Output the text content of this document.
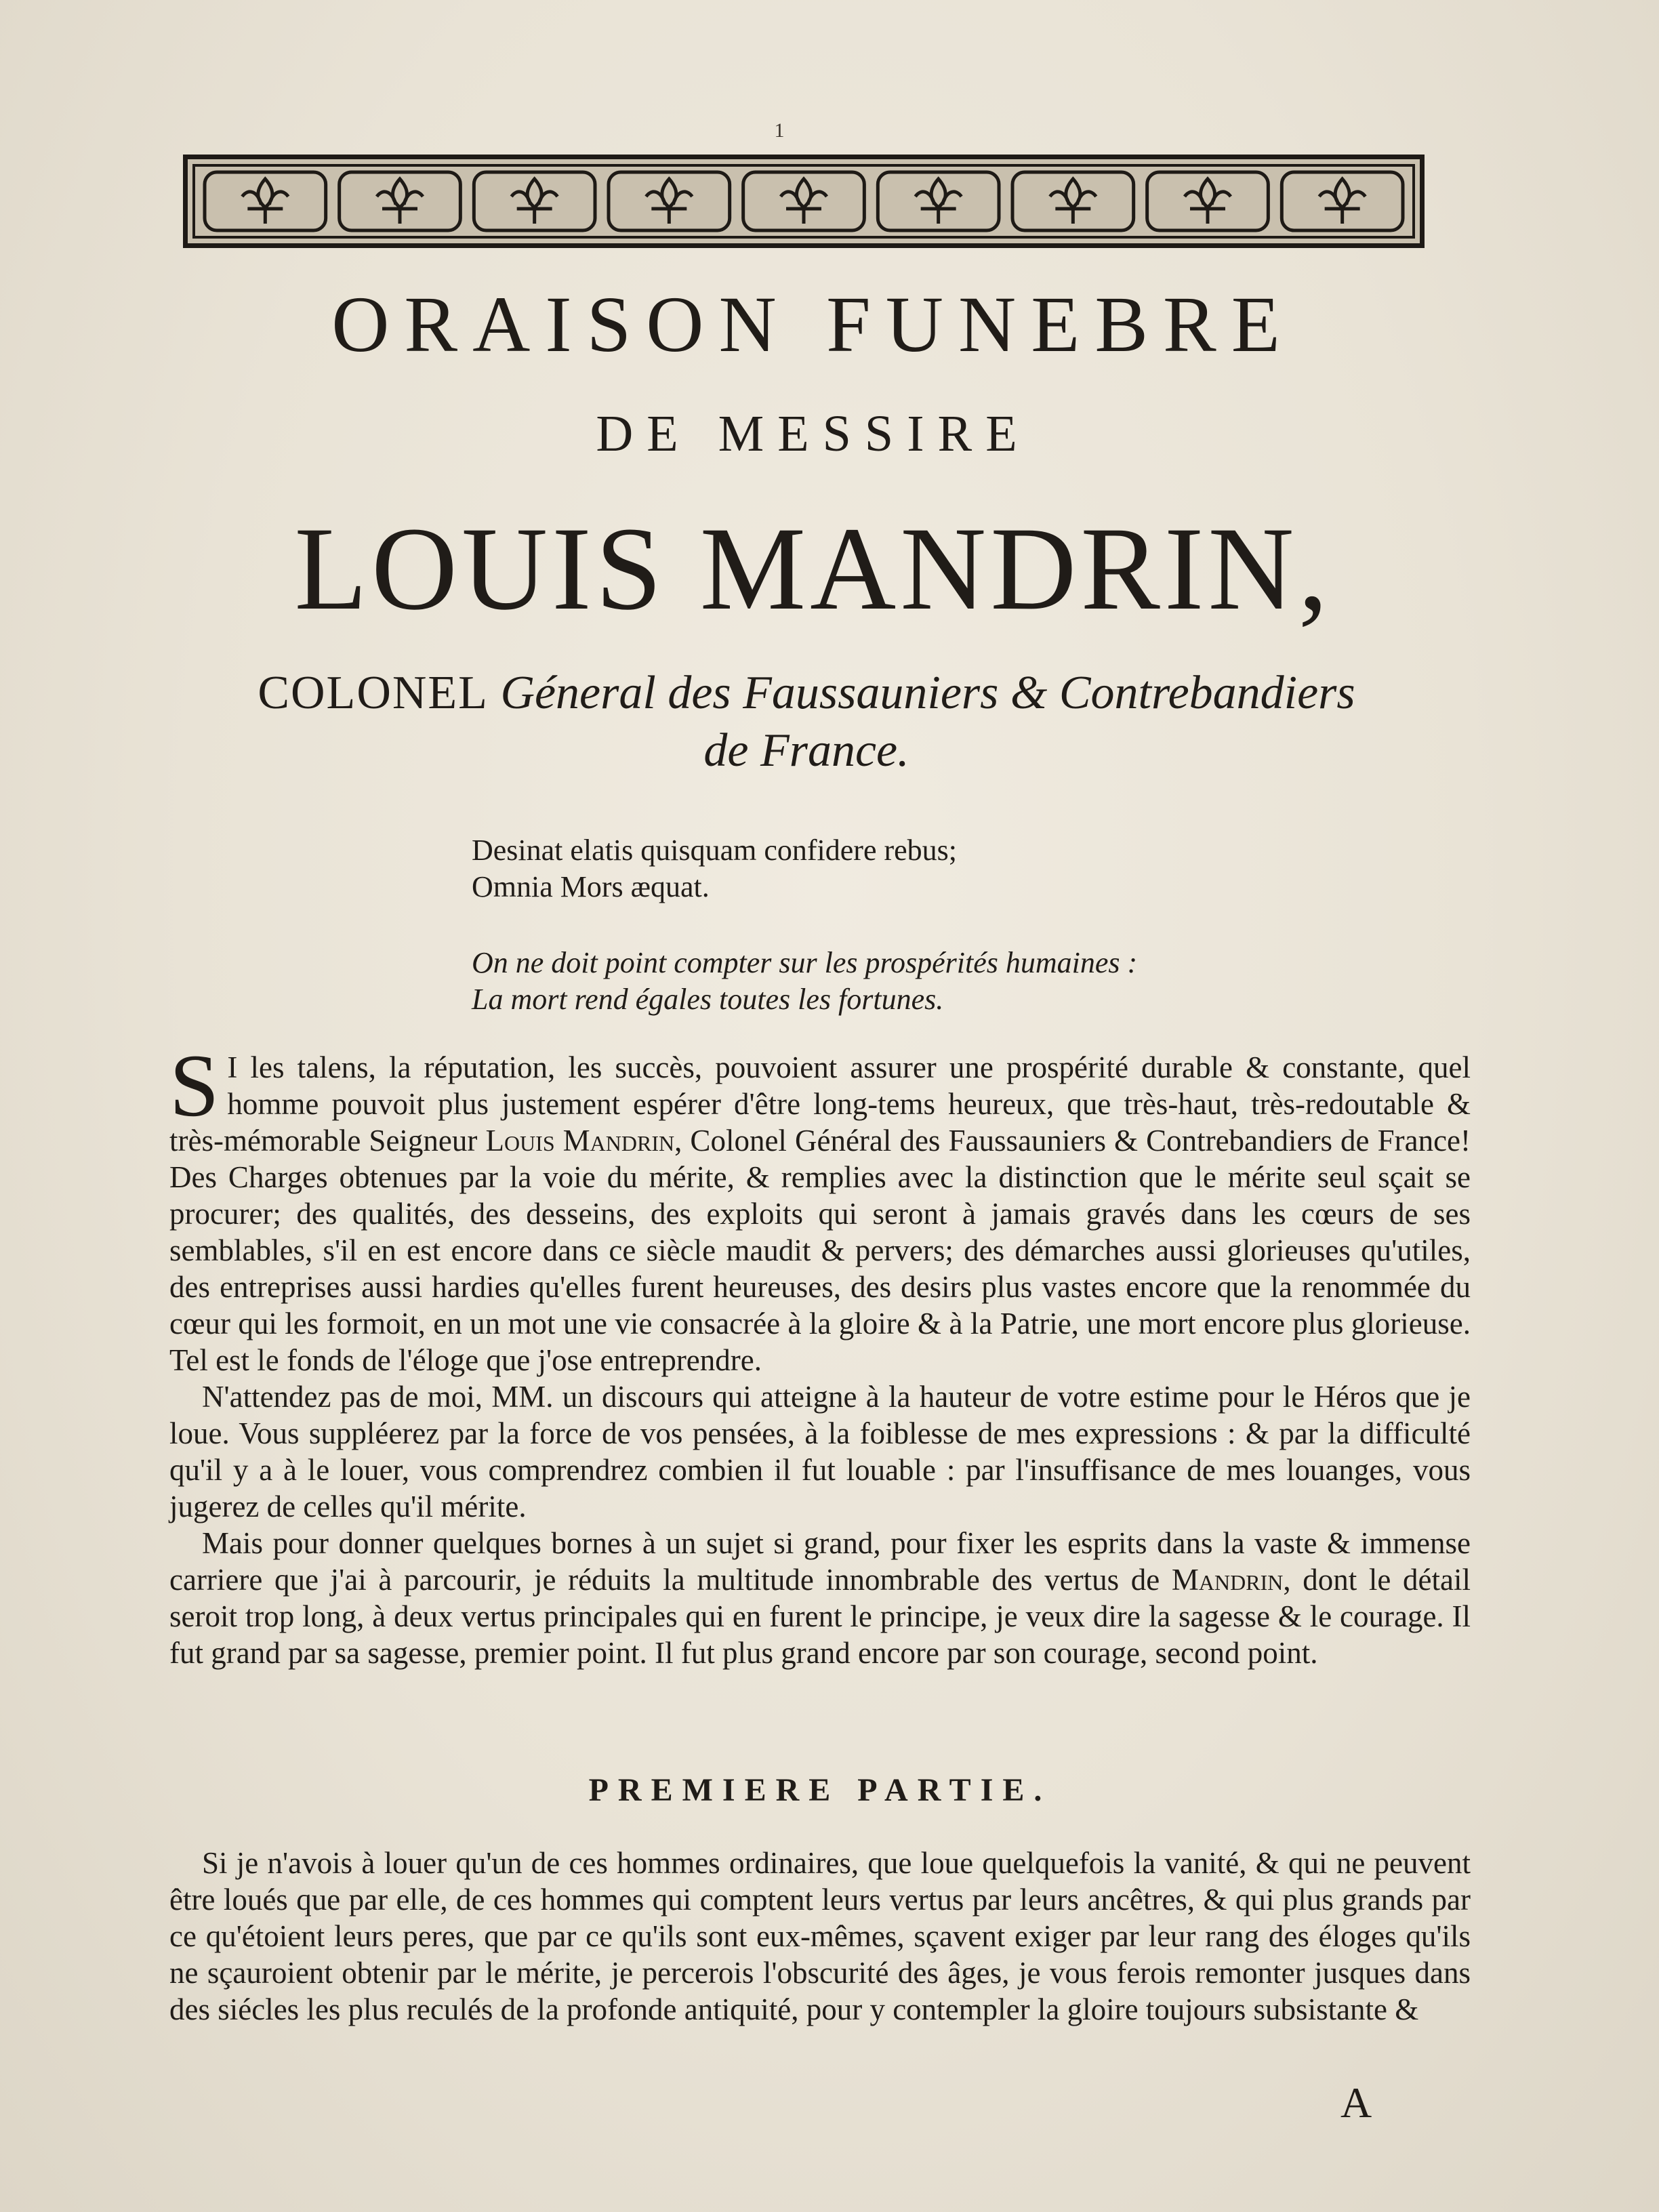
1
ORAISON FUNEBRE
DE MESSIRE
LOUIS MANDRIN,
COLONEL Géneral des Faussauniers & Contrebandiers
de France.
Desinat elatis quisquam confidere rebus;
Omnia Mors æquat.
On ne doit point compter sur les prospérités humaines :
La mort rend égales toutes les fortunes.

S I les talens, la réputation, les succès, pouvoient assurer une prospérité durable & constante, quel homme pouvoit plus justement espérer d'être long-tems heureux, que très-haut, très-redoutable & très-mémorable Seigneur Louis Mandrin, Colonel Général des Faussauniers & Contrebandiers de France! Des Charges obtenues par la voie du mérite, & remplies avec la distinction que le mérite seul sçait se procurer; des qualités, des desseins, des exploits qui seront à jamais gravés dans les cœurs de ses semblables, s'il en est encore dans ce siècle maudit & pervers; des démarches aussi glorieuses qu'utiles, des entreprises aussi hardies qu'elles furent heureuses, des desirs plus vastes encore que la renommée du cœur qui les formoit, en un mot une vie consacrée à la gloire & à la Patrie, une mort encore plus glorieuse. Tel est le fonds de l'éloge que j'ose entreprendre.

N'attendez pas de moi, MM. un discours qui atteigne à la hauteur de votre estime pour le Héros que je loue. Vous suppléerez par la force de vos pensées, à la foiblesse de mes expressions : & par la difficulté qu'il y a à le louer, vous comprendrez combien il fut louable : par l'insuffisance de mes louanges, vous jugerez de celles qu'il mérite.

Mais pour donner quelques bornes à un sujet si grand, pour fixer les esprits dans la vaste & immense carriere que j'ai à parcourir, je réduits la multitude innombrable des vertus de Mandrin, dont le détail seroit trop long, à deux vertus principales qui en furent le principe, je veux dire la sagesse & le courage. Il fut grand par sa sagesse, premier point. Il fut plus grand encore par son courage, second point.

PREMIERE PARTIE.

Si je n'avois à louer qu'un de ces hommes ordinaires, que loue quelquefois la vanité, & qui ne peuvent être loués que par elle, de ces hommes qui comptent leurs vertus par leurs ancêtres, & qui plus grands par ce qu'étoient leurs peres, que par ce qu'ils sont eux-mêmes, sçavent exiger par leur rang des éloges qu'ils ne sçauroient obtenir par le mérite, je percerois l'obscurité des âges, je vous ferois remonter jusques dans des siécles les plus reculés de la profonde antiquité, pour y contempler la gloire toujours subsistante &

A
